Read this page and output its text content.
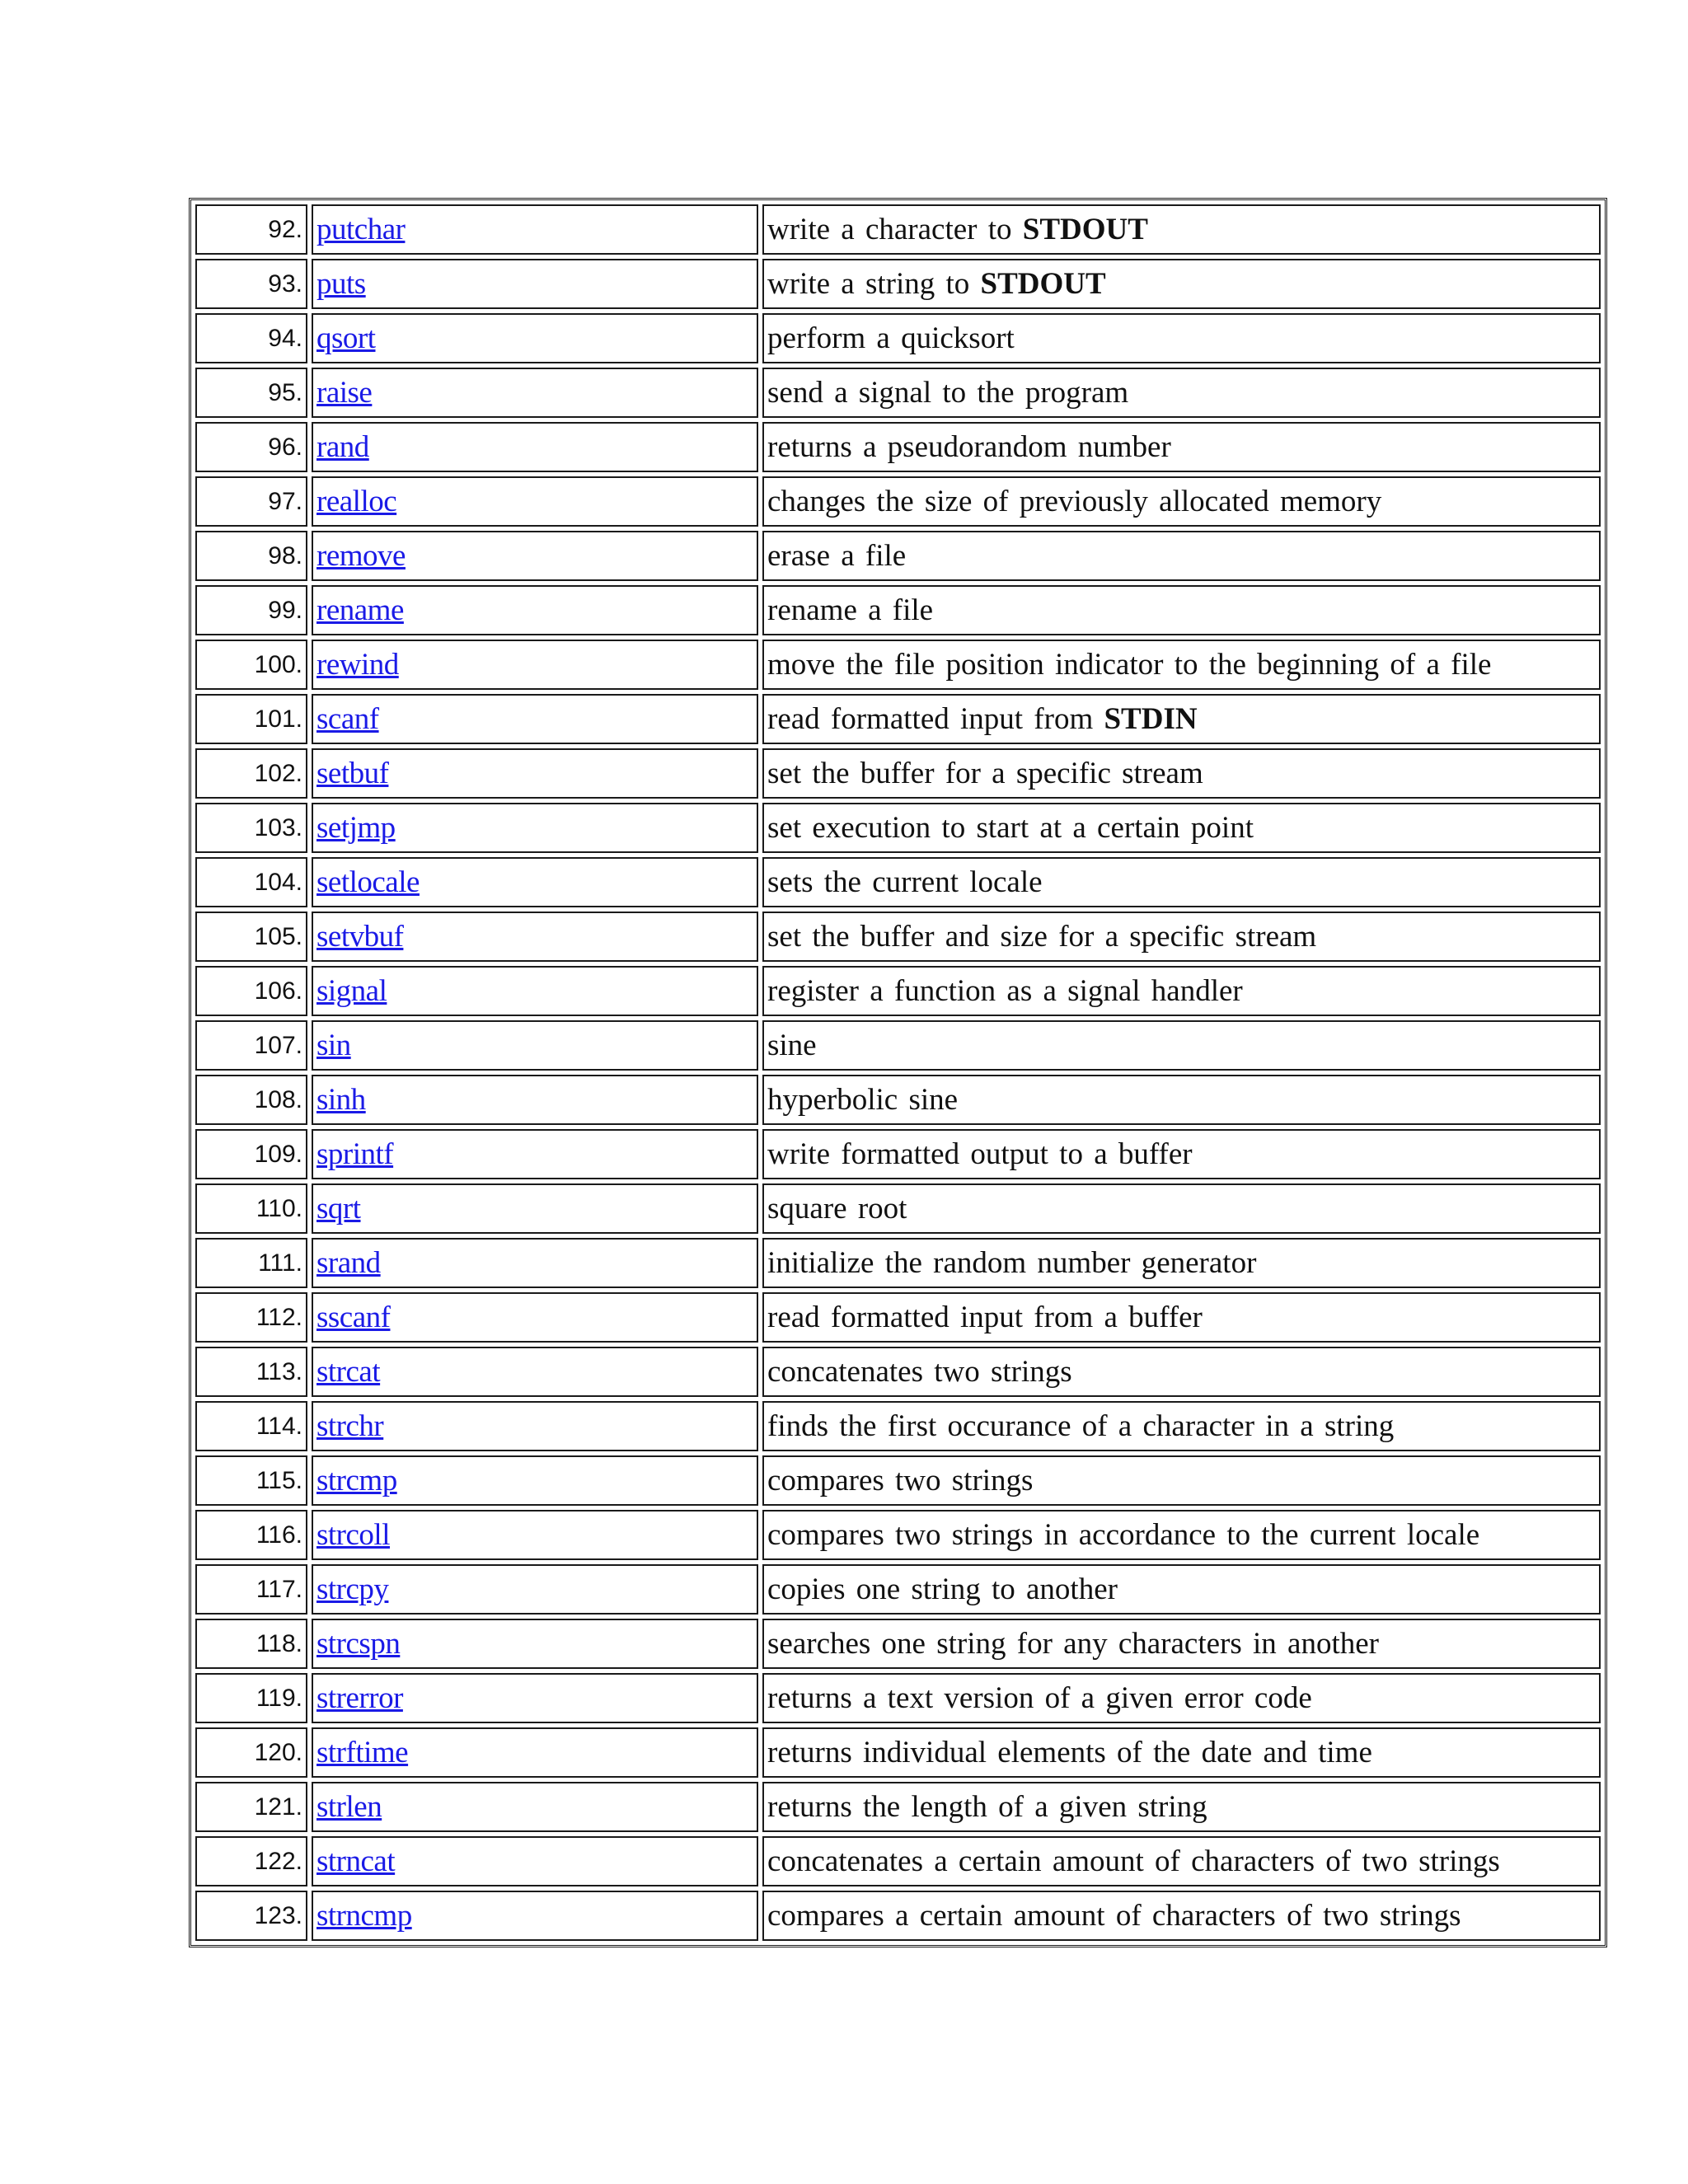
92.	putchar	write a character to STDOUT
93.	puts	write a string to STDOUT
94.	qsort	perform a quicksort
95.	raise	send a signal to the program
96.	rand	returns a pseudorandom number
97.	realloc	changes the size of previously allocated memory
98.	remove	erase a file
99.	rename	rename a file
100.	rewind	move the file position indicator to the beginning of a file
101.	scanf	read formatted input from STDIN
102.	setbuf	set the buffer for a specific stream
103.	setjmp	set execution to start at a certain point
104.	setlocale	sets the current locale
105.	setvbuf	set the buffer and size for a specific stream
106.	signal	register a function as a signal handler
107.	sin	sine
108.	sinh	hyperbolic sine
109.	sprintf	write formatted output to a buffer
110.	sqrt	square root
111.	srand	initialize the random number generator
112.	sscanf	read formatted input from a buffer
113.	strcat	concatenates two strings
114.	strchr	finds the first occurance of a character in a string
115.	strcmp	compares two strings
116.	strcoll	compares two strings in accordance to the current locale
117.	strcpy	copies one string to another
118.	strcspn	searches one string for any characters in another
119.	strerror	returns a text version of a given error code
120.	strftime	returns individual elements of the date and time
121.	strlen	returns the length of a given string
122.	strncat	concatenates a certain amount of characters of two strings
123.	strncmp	compares a certain amount of characters of two strings
